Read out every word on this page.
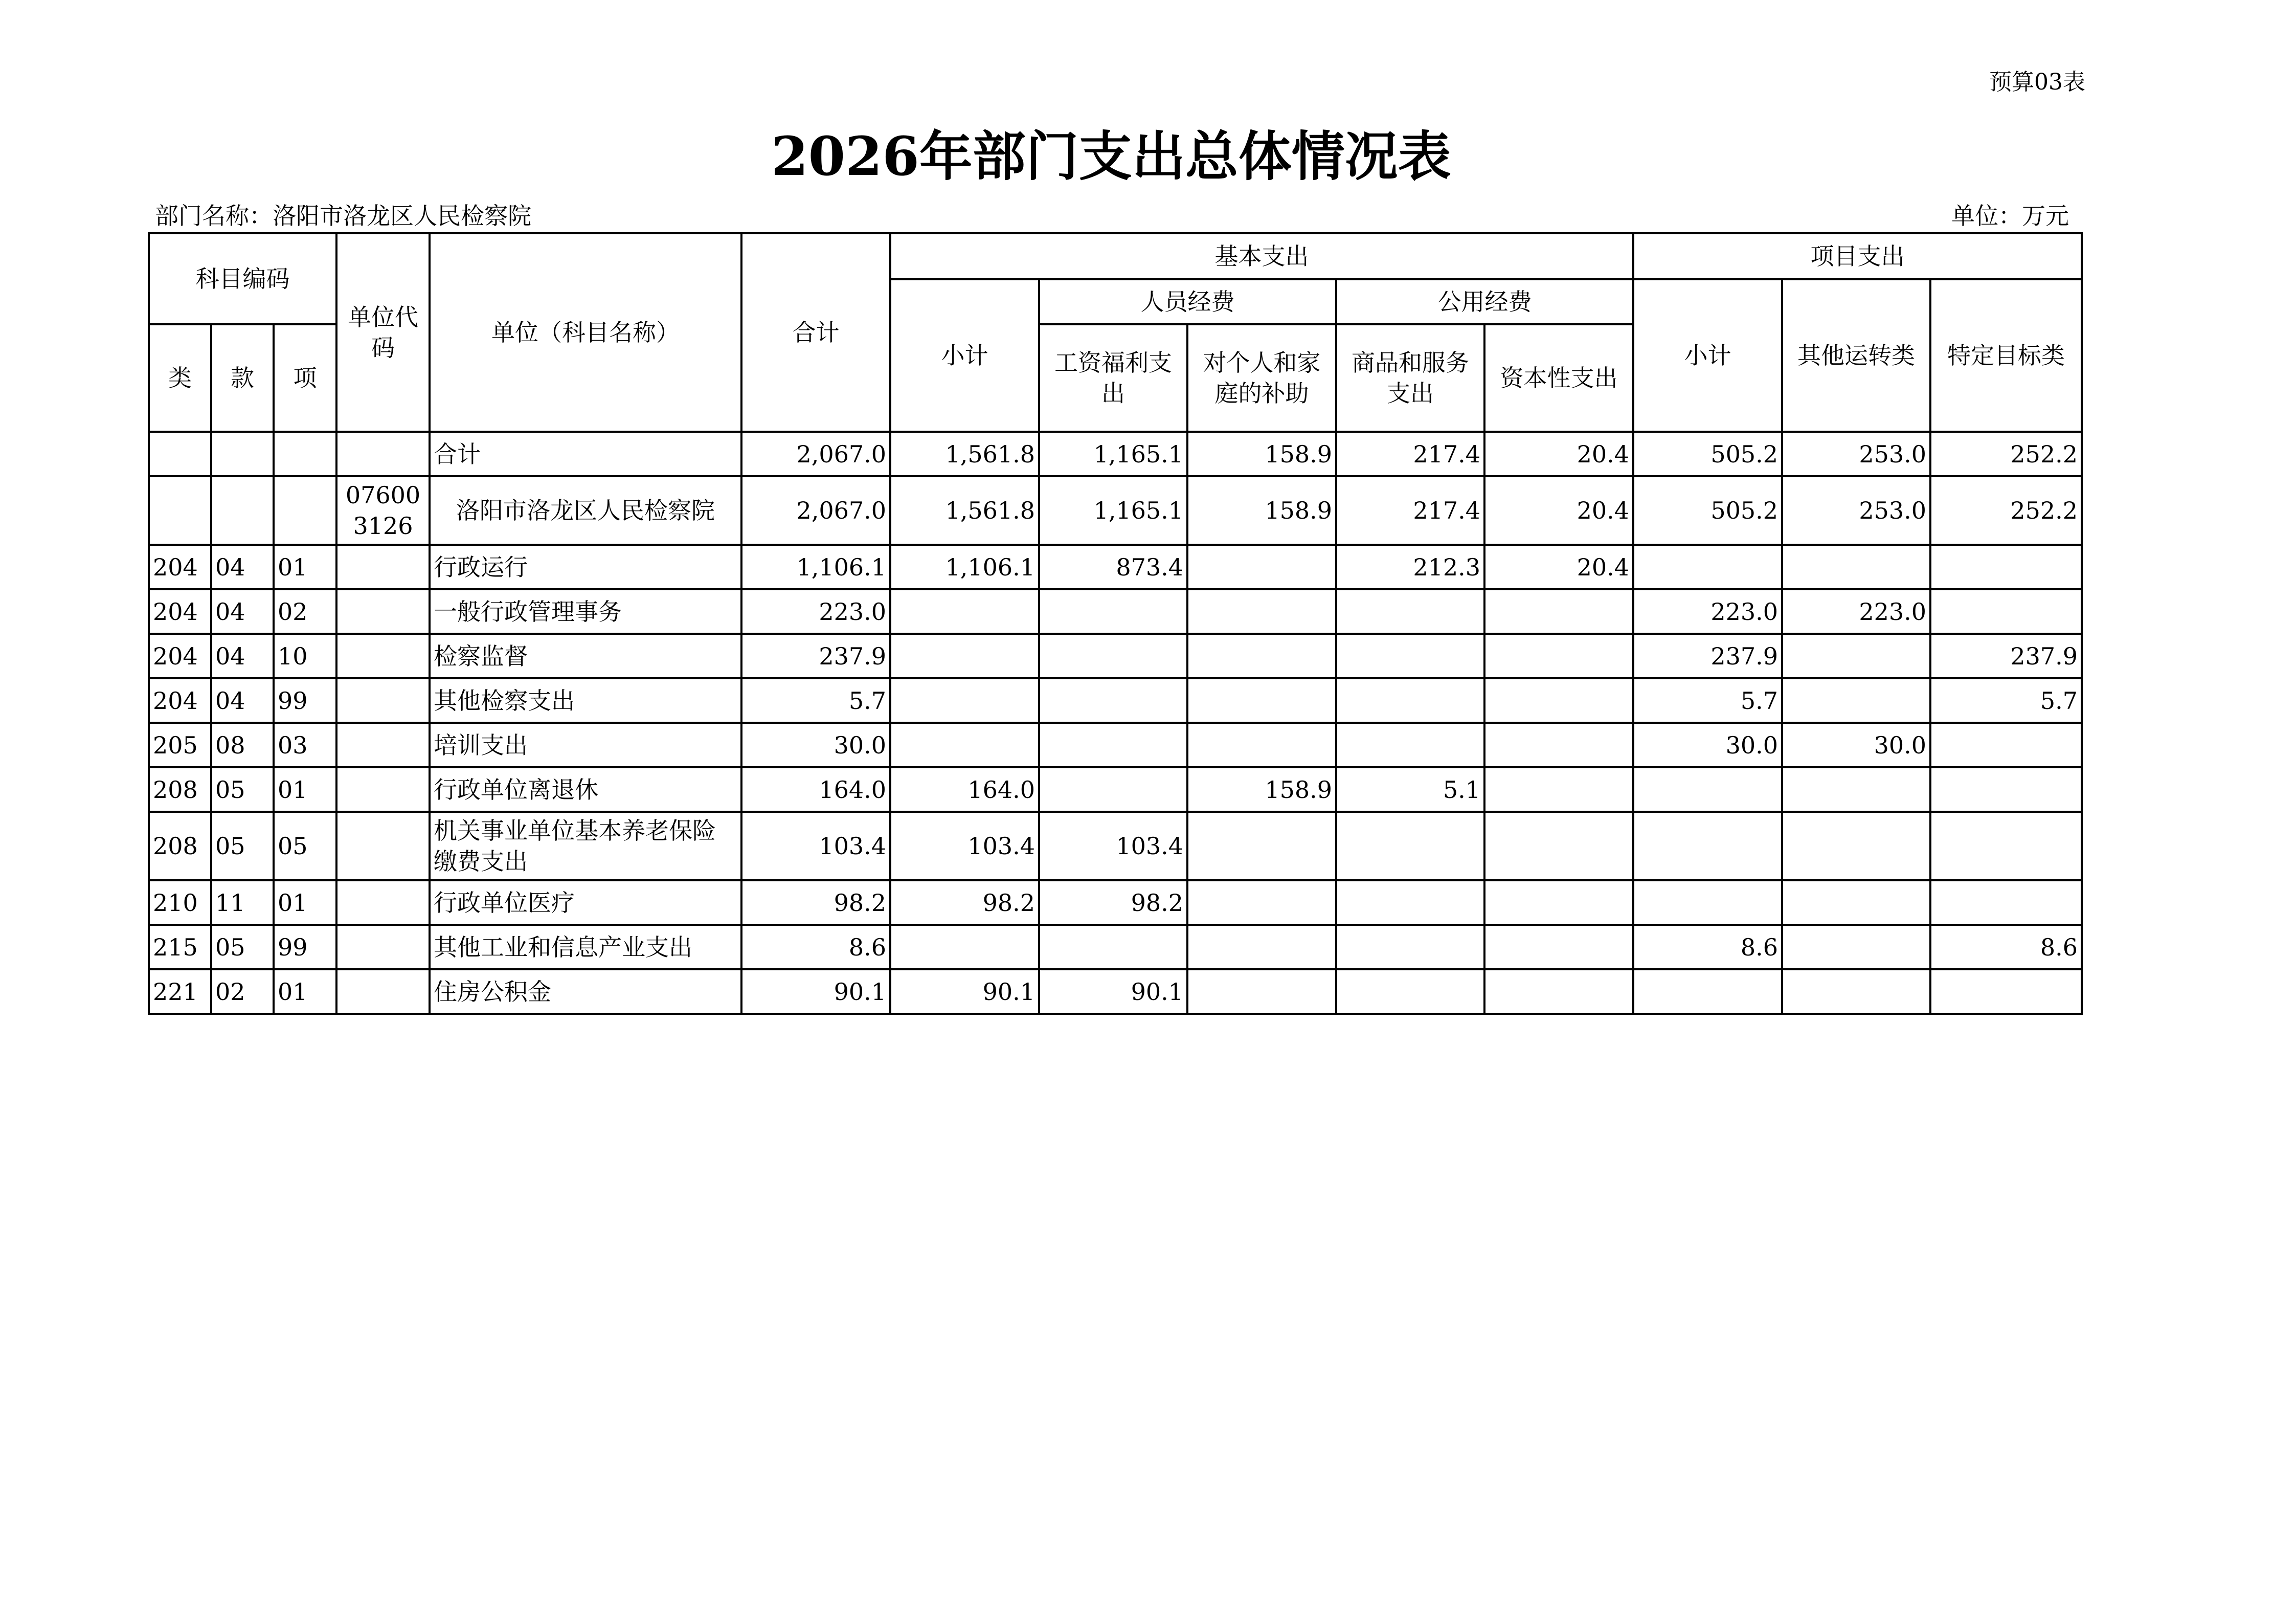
预算03表
2026年部门支出总体情况表
部门名称：洛阳市洛龙区人民检察院	单位：万元
科目编码			单位代码	单位（科目名称）	合计	基本支出					项目支出		
						小计	人员经费		公用经费		小计	其他运转类	特定目标类
类	款	项					工资福利支出	对个人和家庭的补助	商品和服务支出	资本性支出			
				合计	2,067.0	1,561.8	1,165.1	158.9	217.4	20.4	505.2	253.0	252.2
			076003126	洛阳市洛龙区人民检察院	2,067.0	1,561.8	1,165.1	158.9	217.4	20.4	505.2	253.0	252.2
204	04	01		行政运行	1,106.1	1,106.1	873.4		212.3	20.4			
204	04	02		一般行政管理事务	223.0						223.0	223.0	
204	04	10		检察监督	237.9						237.9		237.9
204	04	99		其他检察支出	5.7						5.7		5.7
205	08	03		培训支出	30.0						30.0	30.0	
208	05	01		行政单位离退休	164.0	164.0		158.9	5.1				
208	05	05		机关事业单位基本养老保险缴费支出	103.4	103.4	103.4						
210	11	01		行政单位医疗	98.2	98.2	98.2						
215	05	99		其他工业和信息产业支出	8.6						8.6		8.6
221	02	01		住房公积金	90.1	90.1	90.1						
